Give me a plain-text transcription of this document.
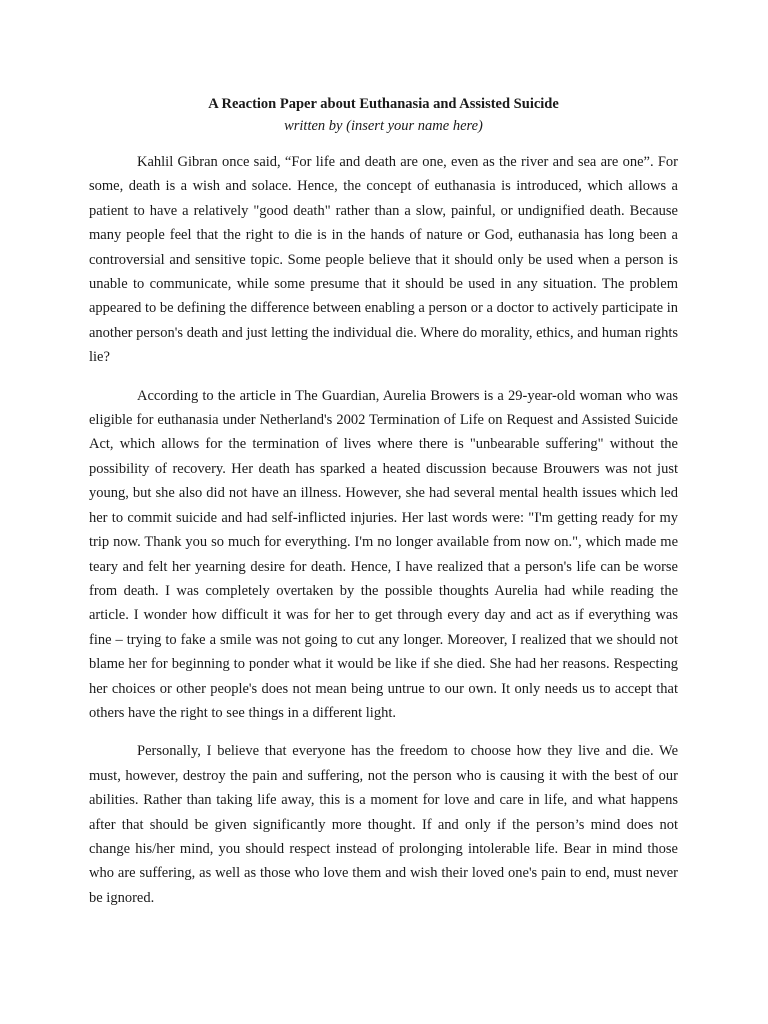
A Reaction Paper about Euthanasia and Assisted Suicide

written by (insert your name here)

Kahlil Gibran once said, “For life and death are one, even as the river and sea are one”. For some, death is a wish and solace. Hence, the concept of euthanasia is introduced, which allows a patient to have a relatively "good death" rather than a slow, painful, or undignified death. Because many people feel that the right to die is in the hands of nature or God, euthanasia has long been a controversial and sensitive topic. Some people believe that it should only be used when a person is unable to communicate, while some presume that it should be used in any situation. The problem appeared to be defining the difference between enabling a person or a doctor to actively participate in another person's death and just letting the individual die. Where do morality, ethics, and human rights lie?

According to the article in The Guardian, Aurelia Browers is a 29-year-old woman who was eligible for euthanasia under Netherland's 2002 Termination of Life on Request and Assisted Suicide Act, which allows for the termination of lives where there is "unbearable suffering" without the possibility of recovery. Her death has sparked a heated discussion because Brouwers was not just young, but she also did not have an illness. However, she had several mental health issues which led her to commit suicide and had self-inflicted injuries. Her last words were: "I'm getting ready for my trip now. Thank you so much for everything. I'm no longer available from now on.", which made me teary and felt her yearning desire for death. Hence, I have realized that a person's life can be worse from death. I was completely overtaken by the possible thoughts Aurelia had while reading the article. I wonder how difficult it was for her to get through every day and act as if everything was fine – trying to fake a smile was not going to cut any longer. Moreover, I realized that we should not blame her for beginning to ponder what it would be like if she died. She had her reasons. Respecting her choices or other people's does not mean being untrue to our own. It only needs us to accept that others have the right to see things in a different light.

Personally, I believe that everyone has the freedom to choose how they live and die. We must, however, destroy the pain and suffering, not the person who is causing it with the best of our abilities. Rather than taking life away, this is a moment for love and care in life, and what happens after that should be given significantly more thought. If and only if the person’s mind does not change his/her mind, you should respect instead of prolonging intolerable life. Bear in mind those who are suffering, as well as those who love them and wish their loved one's pain to end, must never be ignored.
